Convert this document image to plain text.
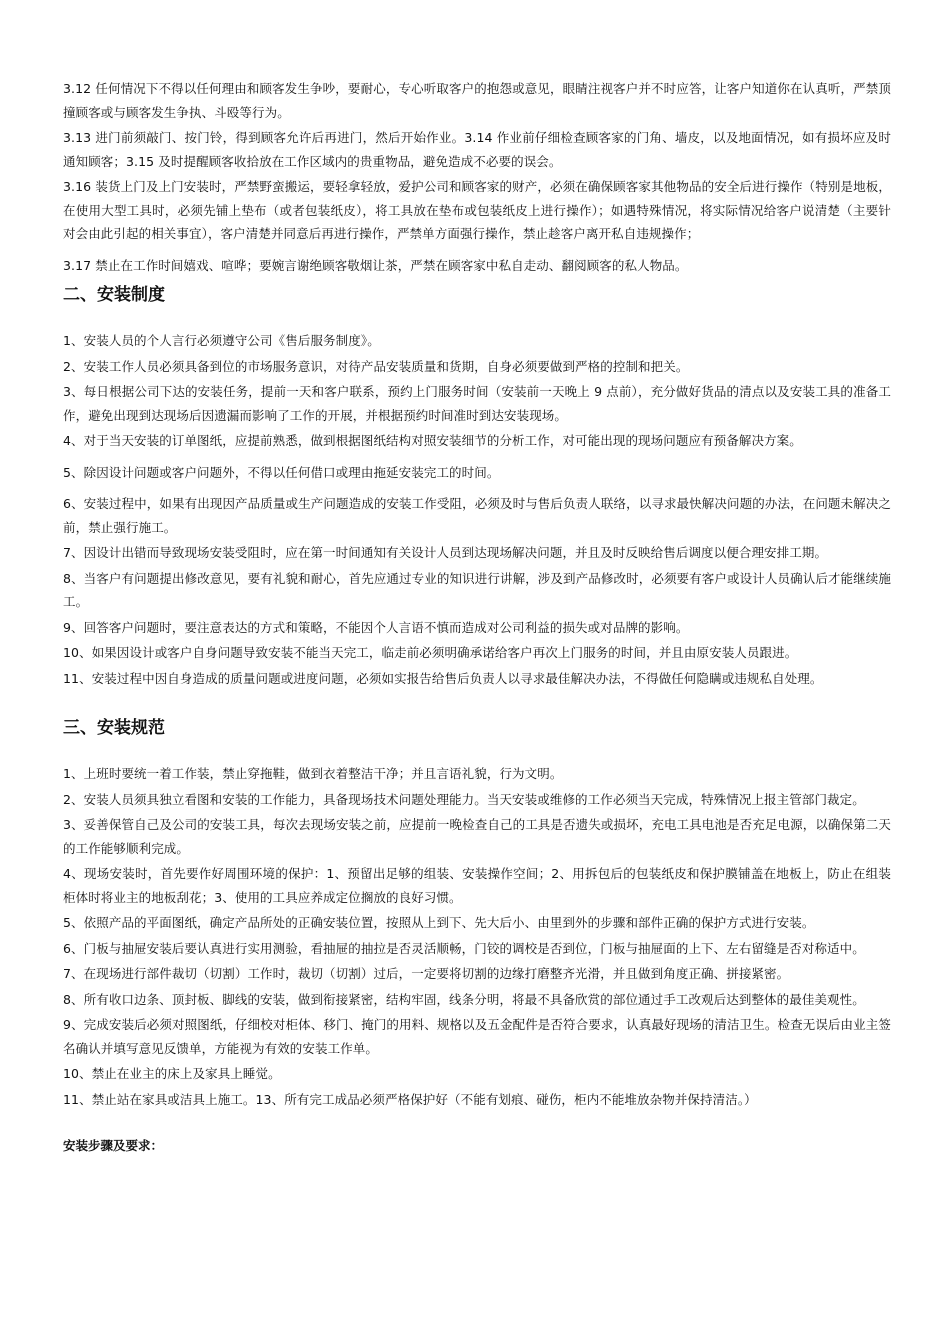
3.12 任何情况下不得以任何理由和顾客发生争吵，要耐心，专心听取客户的抱怨或意见，眼睛注视客户并不时应答，让客户知道你在认真听，严禁顶撞顾客或与顾客发生争执、斗殴等行为。

3.13 进门前须敲门、按门铃，得到顾客允许后再进门，然后开始作业。3.14 作业前仔细检查顾客家的门角、墙皮，以及地面情况，如有损坏应及时通知顾客；3.15 及时提醒顾客收拾放在工作区域内的贵重物品，避免造成不必要的误会。

3.16 装货上门及上门安装时，严禁野蛮搬运，要轻拿轻放，爱护公司和顾客家的财产，必须在确保顾客家其他物品的安全后进行操作（特别是地板，在使用大型工具时，必须先铺上垫布（或者包装纸皮），将工具放在垫布或包装纸皮上进行操作）；如遇特殊情况，将实际情况给客户说清楚（主要针对会由此引起的相关事宜），客户清楚并同意后再进行操作，严禁单方面强行操作，禁止趁客户离开私自违规操作；

3.17 禁止在工作时间嬉戏、喧哗；要婉言谢绝顾客敬烟让茶，严禁在顾客家中私自走动、翻阅顾客的私人物品。

二、安装制度

1、安装人员的个人言行必须遵守公司《售后服务制度》。

2、安装工作人员必须具备到位的市场服务意识，对待产品安装质量和货期，自身必须要做到严格的控制和把关。

3、每日根据公司下达的安装任务，提前一天和客户联系，预约上门服务时间（安装前一天晚上 9 点前），充分做好货品的清点以及安装工具的准备工作，避免出现到达现场后因遗漏而影响了工作的开展，并根据预约时间准时到达安装现场。

4、对于当天安装的订单图纸，应提前熟悉，做到根据图纸结构对照安装细节的分析工作，对可能出现的现场问题应有预备解决方案。

5、除因设计问题或客户问题外，不得以任何借口或理由拖延安装完工的时间。

6、安装过程中，如果有出现因产品质量或生产问题造成的安装工作受阻，必须及时与售后负责人联络，以寻求最快解决问题的办法，在问题未解决之前，禁止强行施工。

7、因设计出错而导致现场安装受阻时，应在第一时间通知有关设计人员到达现场解决问题，并且及时反映给售后调度以便合理安排工期。

8、当客户有问题提出修改意见，要有礼貌和耐心，首先应通过专业的知识进行讲解，涉及到产品修改时，必须要有客户或设计人员确认后才能继续施工。

9、回答客户问题时，要注意表达的方式和策略，不能因个人言语不慎而造成对公司利益的损失或对品牌的影响。

10、如果因设计或客户自身问题导致安装不能当天完工，临走前必须明确承诺给客户再次上门服务的时间，并且由原安装人员跟进。

11、安装过程中因自身造成的质量问题或进度问题，必须如实报告给售后负责人以寻求最佳解决办法，不得做任何隐瞒或违规私自处理。

三、安装规范

1、上班时要统一着工作装，禁止穿拖鞋，做到衣着整洁干净；并且言语礼貌，行为文明。

2、安装人员须具独立看图和安装的工作能力，具备现场技术问题处理能力。当天安装或维修的工作必须当天完成，特殊情况上报主管部门裁定。

3、妥善保管自己及公司的安装工具，每次去现场安装之前，应提前一晚检查自己的工具是否遗失或损坏，充电工具电池是否充足电源，以确保第二天的工作能够顺利完成。

4、现场安装时，首先要作好周围环境的保护：1、预留出足够的组装、安装操作空间；2、用拆包后的包装纸皮和保护膜铺盖在地板上，防止在组装柜体时将业主的地板刮花；3、使用的工具应养成定位搁放的良好习惯。

5、依照产品的平面图纸，确定产品所处的正确安装位置，按照从上到下、先大后小、由里到外的步骤和部件正确的保护方式进行安装。

6、门板与抽屉安装后要认真进行实用测验，看抽屉的抽拉是否灵活顺畅，门铰的调校是否到位，门板与抽屉面的上下、左右留缝是否对称适中。

7、在现场进行部件裁切（切割）工作时，裁切（切割）过后，一定要将切割的边缘打磨整齐光滑，并且做到角度正确、拼接紧密。

8、所有收口边条、顶封板、脚线的安装，做到衔接紧密，结构牢固，线条分明，将最不具备欣赏的部位通过手工改观后达到整体的最佳美观性。

9、完成安装后必须对照图纸，仔细校对柜体、移门、掩门的用料、规格以及五金配件是否符合要求，认真最好现场的清洁卫生。检查无误后由业主签名确认并填写意见反馈单，方能视为有效的安装工作单。

10、禁止在业主的床上及家具上睡觉。

11、禁止站在家具或洁具上施工。13、所有完工成品必须严格保护好（不能有划痕、碰伤，柜内不能堆放杂物并保持清洁。）

安装步骤及要求：
